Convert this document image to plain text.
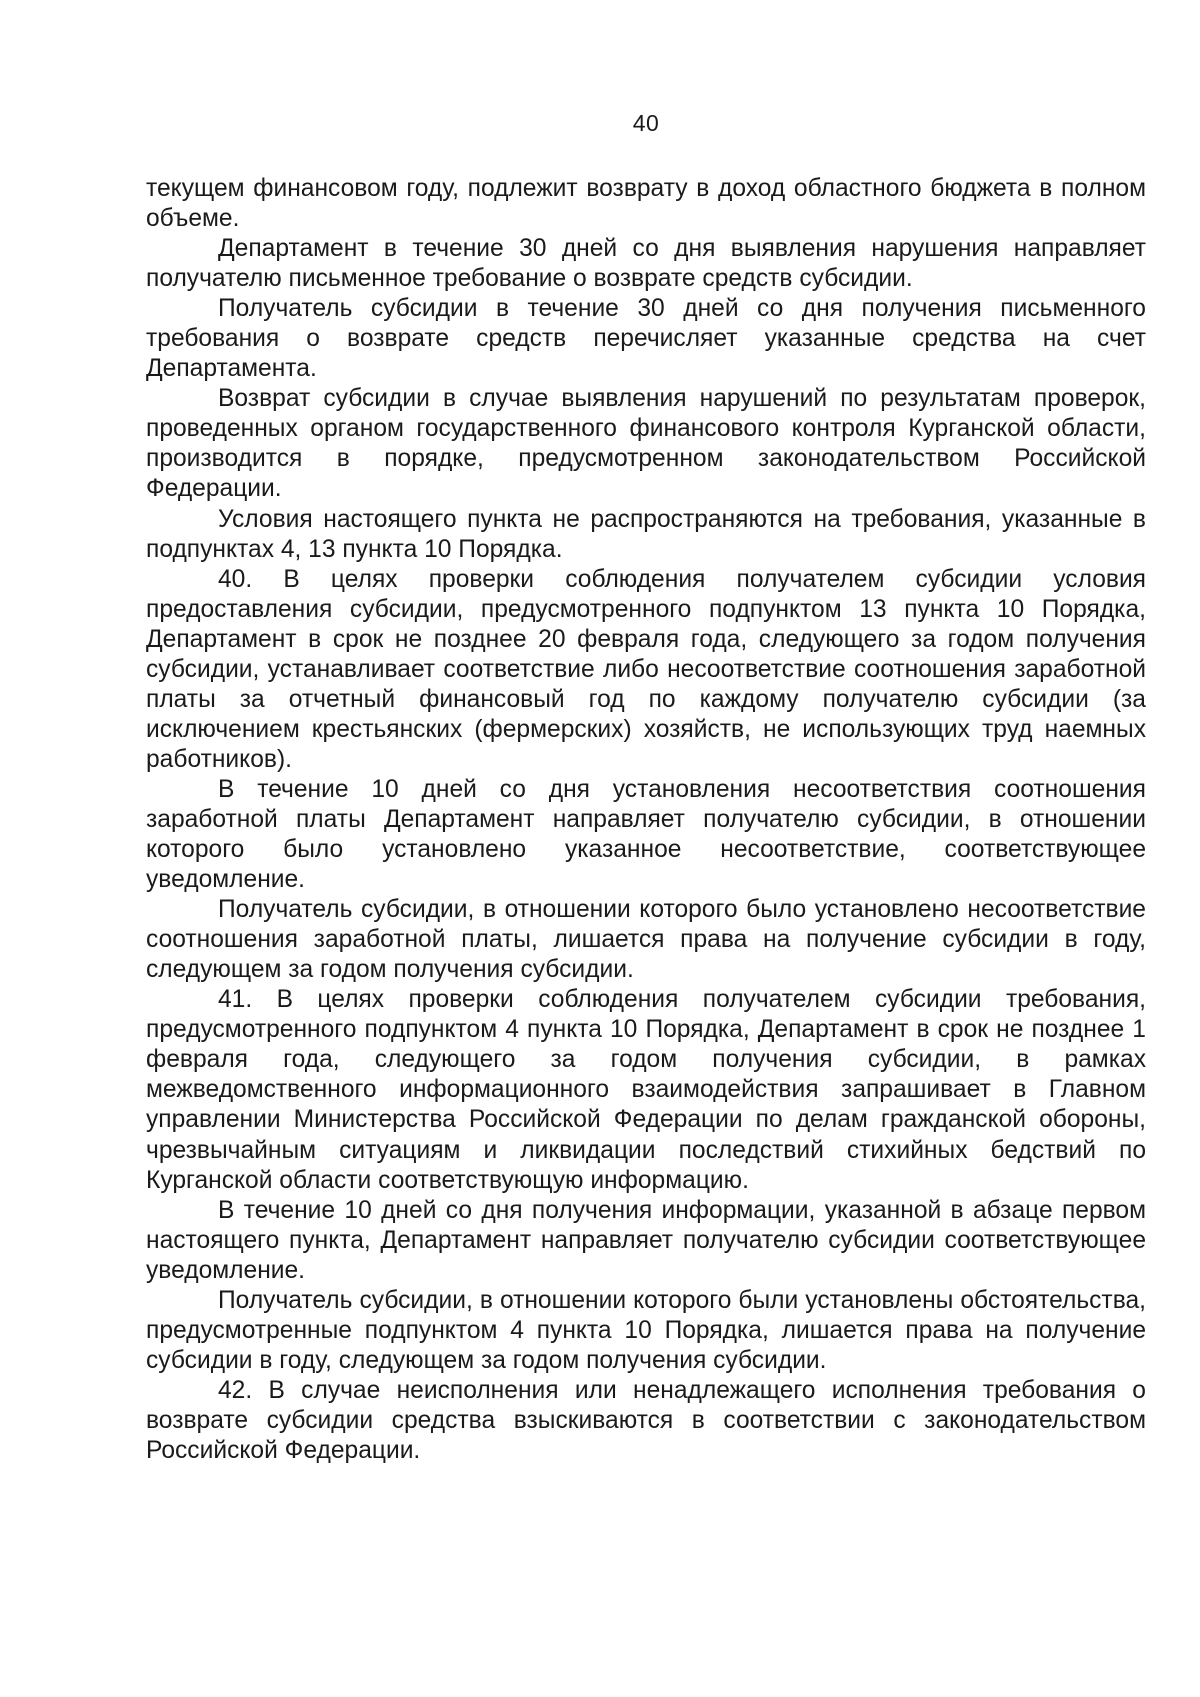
40

текущем финансовом году, подлежит возврату в доход областного бюджета в полном объеме.

Департамент в течение 30 дней со дня выявления нарушения направляет получателю письменное требование о возврате средств субсидии.

Получатель субсидии в течение 30 дней со дня получения письменного требования о возврате средств перечисляет указанные средства на счет Департамента.

Возврат субсидии в случае выявления нарушений по результатам проверок, проведенных органом государственного финансового контроля Курганской области, производится в порядке, предусмотренном законодательством Российской Федерации.

Условия настоящего пункта не распространяются на требования, указанные в подпунктах 4, 13 пункта 10 Порядка.

40. В целях проверки соблюдения получателем субсидии условия предоставления субсидии, предусмотренного подпунктом 13 пункта 10 Порядка, Департамент в срок не позднее 20 февраля года, следующего за годом получения субсидии, устанавливает соответствие либо несоответствие соотношения заработной платы за отчетный финансовый год по каждому получателю субсидии (за исключением крестьянских (фермерских) хозяйств, не использующих труд наемных работников).

В течение 10 дней со дня установления несоответствия соотношения заработной платы Департамент направляет получателю субсидии, в отношении которого было установлено указанное несоответствие, соответствующее уведомление.

Получатель субсидии, в отношении которого было установлено несоответствие соотношения заработной платы, лишается права на получение субсидии в году, следующем за годом получения субсидии.

41. В целях проверки соблюдения получателем субсидии требования, предусмотренного подпунктом 4 пункта 10 Порядка, Департамент в срок не позднее 1 февраля года, следующего за годом получения субсидии, в рамках межведомственного информационного взаимодействия запрашивает в Главном управлении Министерства Российской Федерации по делам гражданской обороны, чрезвычайным ситуациям и ликвидации последствий стихийных бедствий по Курганской области соответствующую информацию.

В течение 10 дней со дня получения информации, указанной в абзаце первом настоящего пункта, Департамент направляет получателю субсидии соответствующее уведомление.

Получатель субсидии, в отношении которого были установлены обстоятельства, предусмотренные подпунктом 4 пункта 10 Порядка, лишается права на получение субсидии в году, следующем за годом получения субсидии.

42. В случае неисполнения или ненадлежащего исполнения требования о возврате субсидии средства взыскиваются в соответствии с законодательством Российской Федерации.
